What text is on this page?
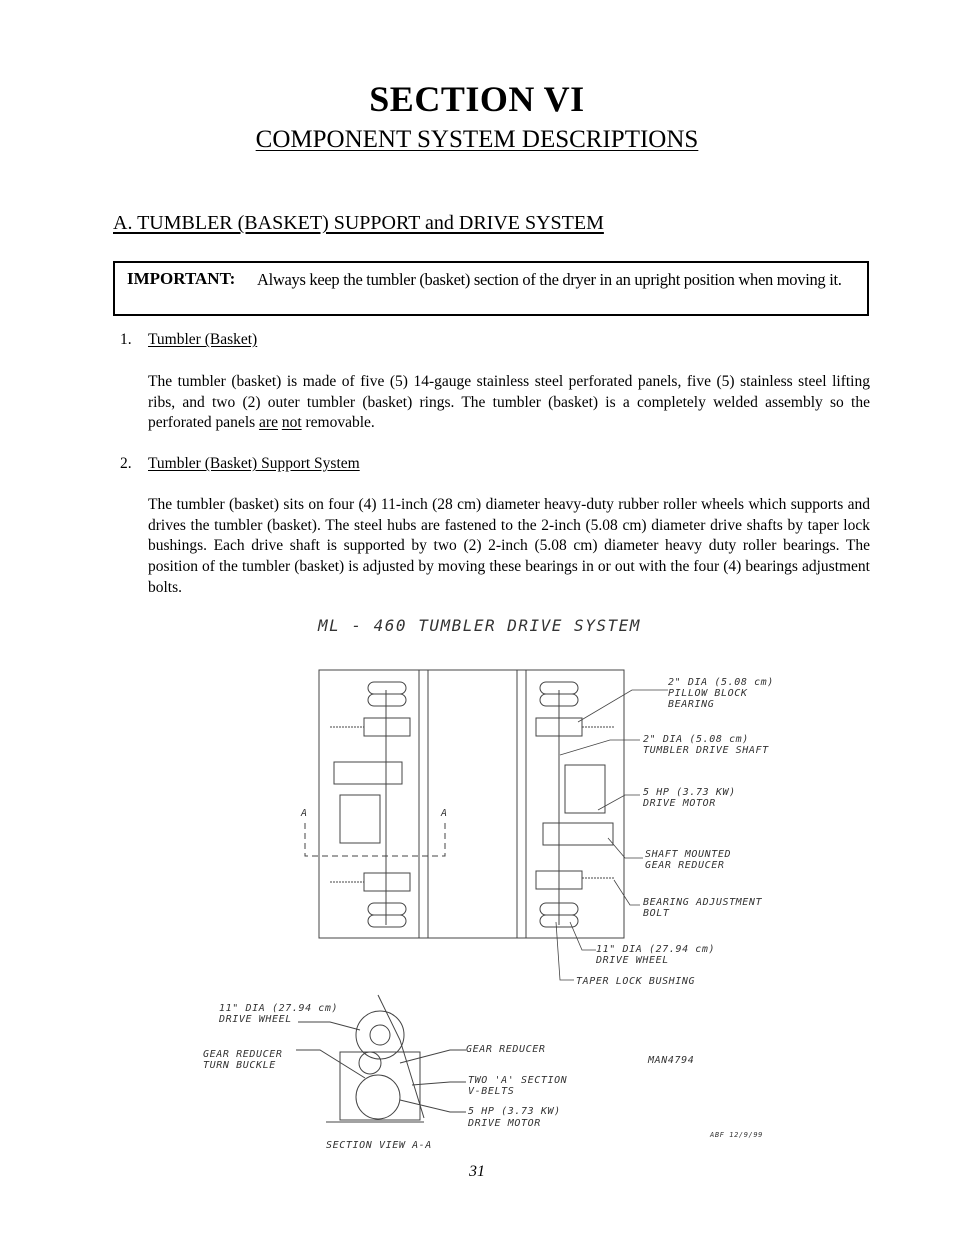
SECTION VI
COMPONENT SYSTEM DESCRIPTIONS
A. TUMBLER (BASKET) SUPPORT and DRIVE SYSTEM
IMPORTANT: Always keep the tumbler (basket) section of the dryer in an upright position when moving it.
1. Tumbler (Basket)
The tumbler (basket) is made of five (5) 14-gauge stainless steel perforated panels, five (5) stainless steel lifting ribs, and two (2) outer tumbler (basket) rings. The tumbler (basket) is a completely welded assembly so the perforated panels are not removable.
2. Tumbler (Basket) Support System
The tumbler (basket) sits on four (4) 11-inch (28 cm) diameter heavy-duty rubber roller wheels which supports and drives the tumbler (basket). The steel hubs are fastened to the 2-inch (5.08 cm) diameter drive shafts by taper lock bushings. Each drive shaft is supported by two (2) 2-inch (5.08 cm) diameter heavy duty roller bearings. The position of the tumbler (basket) is adjusted by moving these bearings in or out with the four (4) bearings adjustment bolts.
ML - 460 TUMBLER DRIVE SYSTEM
A	A
2" DIA (5.08 cm)
PILLOW BLOCK
BEARING
2" DIA (5.08 cm)
TUMBLER DRIVE SHAFT
5 HP (3.73 KW)
DRIVE MOTOR
SHAFT MOUNTED
GEAR REDUCER
BEARING ADJUSTMENT
BOLT
11" DIA (27.94 cm)
DRIVE WHEEL
TAPER LOCK BUSHING
11" DIA (27.94 cm)
DRIVE WHEEL
GEAR REDUCER
TURN BUCKLE
GEAR REDUCER
TWO 'A' SECTION
V-BELTS
5 HP (3.73 KW)
DRIVE MOTOR
SECTION VIEW A-A
MAN4794
ABF 12/9/99
31
